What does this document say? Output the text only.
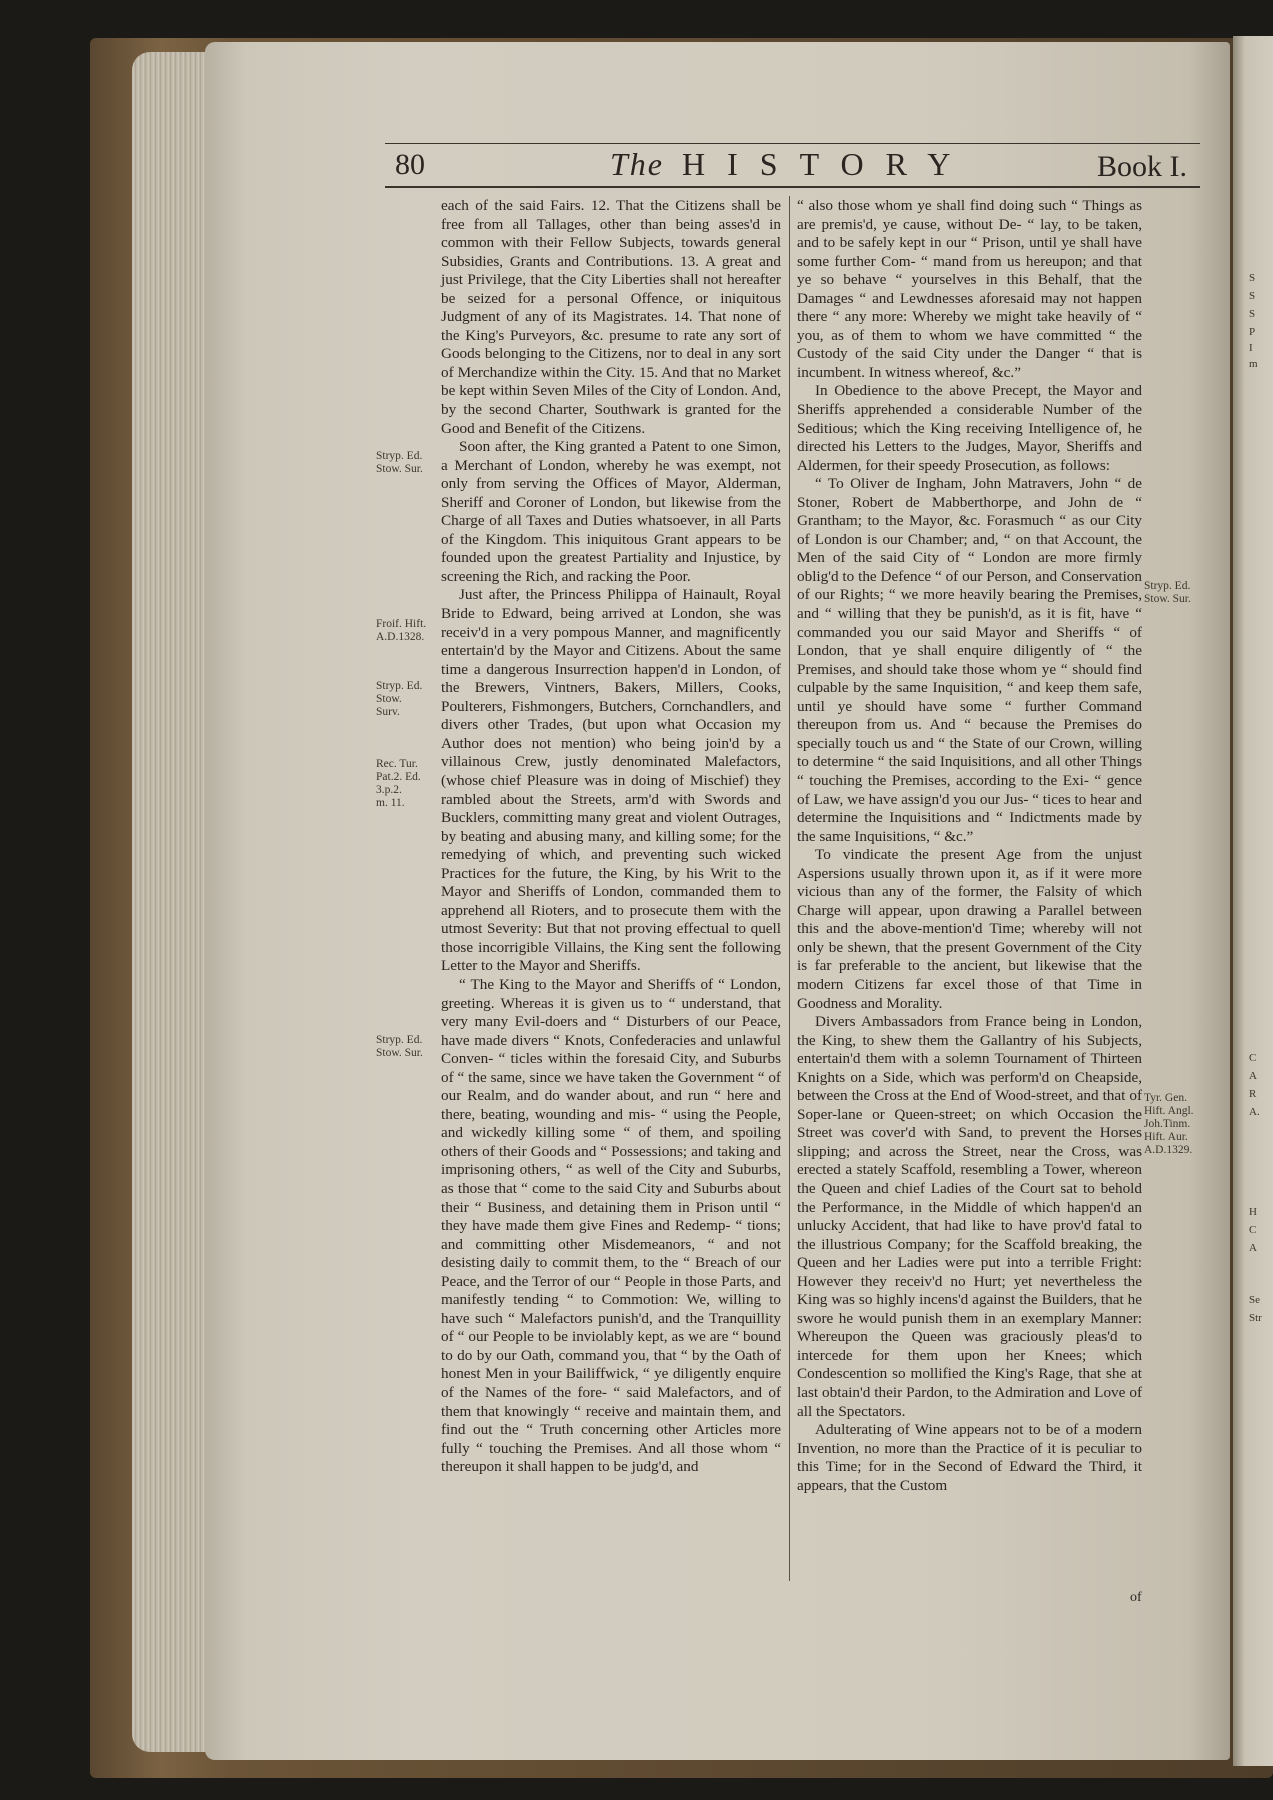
S
S
S
P
I
m
C
A
R
A.
H
C
A
Se
Str
80	The HISTORY	Book I.
Stryp. Ed.
Stow. Sur.
Froif. Hift.
A.D.1328.
Stryp. Ed.
Stow.
Surv.
Rec. Tur.
Pat.2. Ed.
3.p.2.
m. 11.
Stryp. Ed.
Stow. Sur.
Stryp. Ed.
Stow. Sur.
Tyr. Gen.
Hift. Angl.
Joh.Tinm.
Hift. Aur.
A.D.1329.

each of the said Fairs. 12. That the Citizens shall be free from all Tallages, other than being asses'd in common with their Fellow Subjects, towards general Subsidies, Grants and Contributions. 13. A great and just Privilege, that the City Liberties shall not hereafter be seized for a personal Offence, or iniquitous Judgment of any of its Magistrates. 14. That none of the King's Purveyors, &c. presume to rate any sort of Goods belonging to the Citizens, nor to deal in any sort of Merchandize within the City. 15. And that no Market be kept within Seven Miles of the City of London. And, by the second Charter, Southwark is granted for the Good and Benefit of the Citizens.

Soon after, the King granted a Patent to one Simon, a Merchant of London, whereby he was exempt, not only from serving the Offices of Mayor, Alderman, Sheriff and Coroner of London, but likewise from the Charge of all Taxes and Duties whatsoever, in all Parts of the Kingdom. This iniquitous Grant appears to be founded upon the greatest Partiality and Injustice, by screening the Rich, and racking the Poor.

Just after, the Princess Philippa of Hainault, Royal Bride to Edward, being arrived at London, she was receiv'd in a very pompous Manner, and magnificently entertain'd by the Mayor and Citizens. About the same time a dangerous Insurrection happen'd in London, of the Brewers, Vintners, Bakers, Millers, Cooks, Poulterers, Fishmongers, Butchers, Cornchandlers, and divers other Trades, (but upon what Occasion my Author does not mention) who being join'd by a villainous Crew, justly denominated Malefactors, (whose chief Pleasure was in doing of Mischief) they rambled about the Streets, arm'd with Swords and Bucklers, committing many great and violent Outrages, by beating and abusing many, and killing some; for the remedying of which, and preventing such wicked Practices for the future, the King, by his Writ to the Mayor and Sheriffs of London, commanded them to apprehend all Rioters, and to prosecute them with the utmost Severity: But that not proving effectual to quell those incorrigible Villains, the King sent the following Letter to the Mayor and Sheriffs.

“ The King to the Mayor and Sheriffs of “ London, greeting. Whereas it is given us to “ understand, that very many Evil-doers and “ Disturbers of our Peace, have made divers “ Knots, Confederacies and unlawful Conven- “ ticles within the foresaid City, and Suburbs of “ the same, since we have taken the Government “ of our Realm, and do wander about, and run “ here and there, beating, wounding and mis- “ using the People, and wickedly killing some “ of them, and spoiling others of their Goods and “ Possessions; and taking and imprisoning others, “ as well of the City and Suburbs, as those that “ come to the said City and Suburbs about their “ Business, and detaining them in Prison until “ they have made them give Fines and Redemp- “ tions; and committing other Misdemeanors, “ and not desisting daily to commit them, to the “ Breach of our Peace, and the Terror of our “ People in those Parts, and manifestly tending “ to Commotion: We, willing to have such “ Malefactors punish'd, and the Tranquillity of “ our People to be inviolably kept, as we are “ bound to do by our Oath, command you, that “ by the Oath of honest Men in your Bailiffwick, “ ye diligently enquire of the Names of the fore- “ said Malefactors, and of them that knowingly “ receive and maintain them, and find out the “ Truth concerning other Articles more fully “ touching the Premises. And all those whom “ thereupon it shall happen to be judg'd, and

“ also those whom ye shall find doing such “ Things as are premis'd, ye cause, without De- “ lay, to be taken, and to be safely kept in our “ Prison, until ye shall have some further Com- “ mand from us hereupon; and that ye so behave “ yourselves in this Behalf, that the Damages “ and Lewdnesses aforesaid may not happen there “ any more: Whereby we might take heavily of “ you, as of them to whom we have committed “ the Custody of the said City under the Danger “ that is incumbent. In witness whereof, &c.”

In Obedience to the above Precept, the Mayor and Sheriffs apprehended a considerable Number of the Seditious; which the King receiving Intelligence of, he directed his Letters to the Judges, Mayor, Sheriffs and Aldermen, for their speedy Prosecution, as follows:

“ To Oliver de Ingham, John Matravers, John “ de Stoner, Robert de Mabberthorpe, and John de “ Grantham; to the Mayor, &c. Forasmuch “ as our City of London is our Chamber; and, “ on that Account, the Men of the said City of “ London are more firmly oblig'd to the Defence “ of our Person, and Conservation of our Rights; “ we more heavily bearing the Premises, and “ willing that they be punish'd, as it is fit, have “ commanded you our said Mayor and Sheriffs “ of London, that ye shall enquire diligently of “ the Premises, and should take those whom ye “ should find culpable by the same Inquisition, “ and keep them safe, until ye should have some “ further Command thereupon from us. And “ because the Premises do specially touch us and “ the State of our Crown, willing to determine “ the said Inquisitions, and all other Things “ touching the Premises, according to the Exi- “ gence of Law, we have assign'd you our Jus- “ tices to hear and determine the Inquisitions and “ Indictments made by the same Inquisitions, “ &c.”

To vindicate the present Age from the unjust Aspersions usually thrown upon it, as if it were more vicious than any of the former, the Falsity of which Charge will appear, upon drawing a Parallel between this and the above-mention'd Time; whereby will not only be shewn, that the present Government of the City is far preferable to the ancient, but likewise that the modern Citizens far excel those of that Time in Goodness and Morality.

Divers Ambassadors from France being in London, the King, to shew them the Gallantry of his Subjects, entertain'd them with a solemn Tournament of Thirteen Knights on a Side, which was perform'd on Cheapside, between the Cross at the End of Wood-street, and that of Soper-lane or Queen-street; on which Occasion the Street was cover'd with Sand, to prevent the Horses slipping; and across the Street, near the Cross, was erected a stately Scaffold, resembling a Tower, whereon the Queen and chief Ladies of the Court sat to behold the Performance, in the Middle of which happen'd an unlucky Accident, that had like to have prov'd fatal to the illustrious Company; for the Scaffold breaking, the Queen and her Ladies were put into a terrible Fright: However they receiv'd no Hurt; yet nevertheless the King was so highly incens'd against the Builders, that he swore he would punish them in an exemplary Manner: Whereupon the Queen was graciously pleas'd to intercede for them upon her Knees; which Condescention so mollified the King's Rage, that she at last obtain'd their Pardon, to the Admiration and Love of all the Spectators.

Adulterating of Wine appears not to be of a modern Invention, no more than the Practice of it is peculiar to this Time; for in the Second of Edward the Third, it appears, that the Custom

of
